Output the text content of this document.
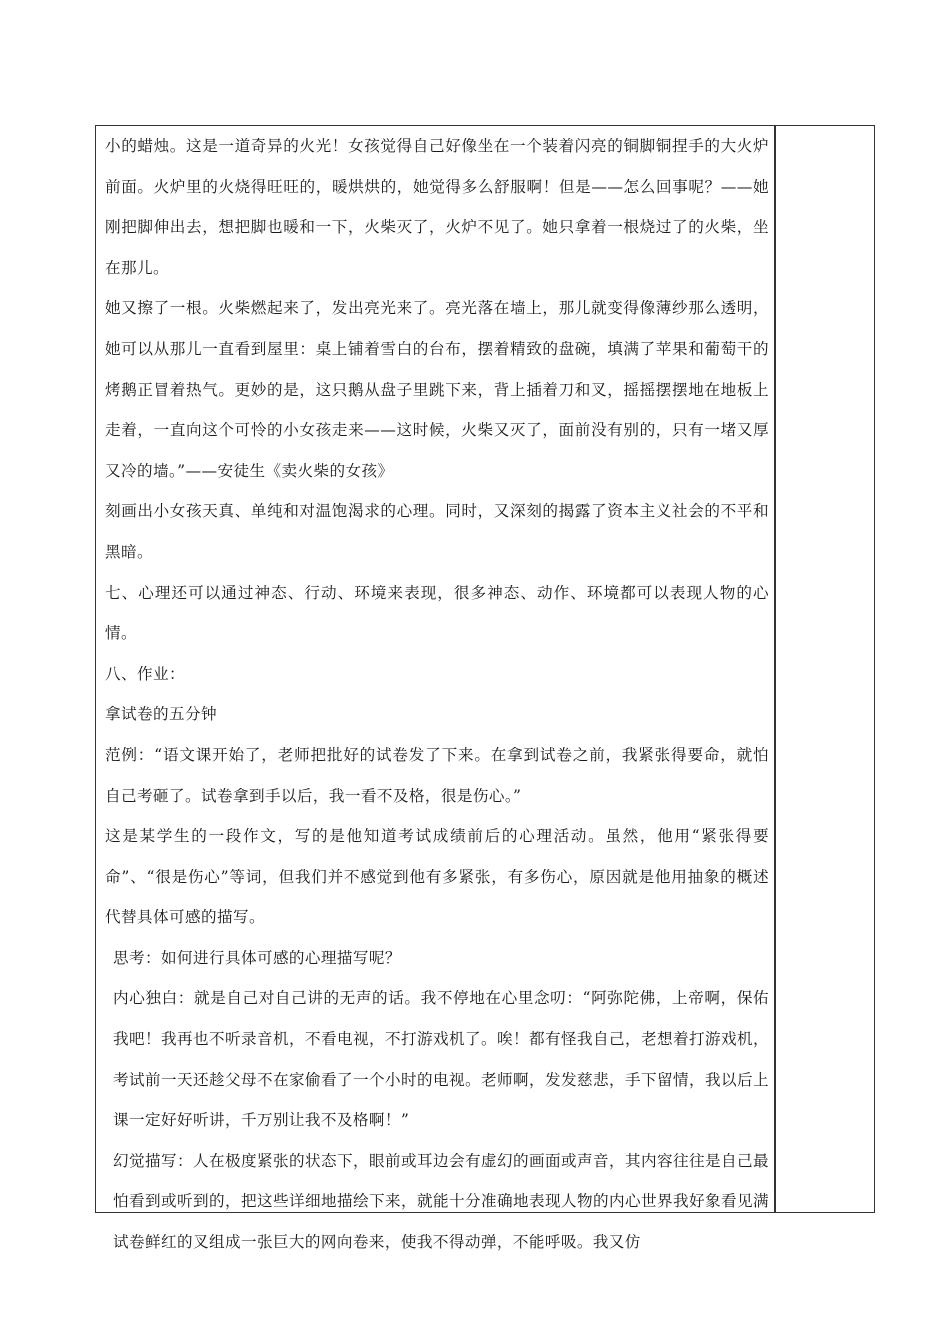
小的蜡烛。这是一道奇异的火光！女孩觉得自己好像坐在一个装着闪亮的铜脚铜捏手的大火炉前面。火炉里的火烧得旺旺的，暖烘烘的，她觉得多么舒服啊！但是——怎么回事呢？——她刚把脚伸出去，想把脚也暖和一下，火柴灭了，火炉不见了。她只拿着一根烧过了的火柴，坐在那儿。

她又擦了一根。火柴燃起来了，发出亮光来了。亮光落在墙上，那儿就变得像薄纱那么透明，她可以从那儿一直看到屋里：桌上铺着雪白的台布，摆着精致的盘碗，填满了苹果和葡萄干的烤鹅正冒着热气。更妙的是，这只鹅从盘子里跳下来，背上插着刀和叉，摇摇摆摆地在地板上走着，一直向这个可怜的小女孩走来——这时候，火柴又灭了，面前没有别的，只有一堵又厚又冷的墙。”——安徒生《卖火柴的女孩》

刻画出小女孩天真、单纯和对温饱渴求的心理。同时，又深刻的揭露了资本主义社会的不平和黑暗。

七、心理还可以通过神态、行动、环境来表现，很多神态、动作、环境都可以表现人物的心情。

八、作业：

拿试卷的五分钟

范例：“语文课开始了，老师把批好的试卷发了下来。在拿到试卷之前，我紧张得要命，就怕自己考砸了。试卷拿到手以后，我一看不及格，很是伤心。”

这是某学生的一段作文，写的是他知道考试成绩前后的心理活动。虽然，他用“紧张得要命”、“很是伤心”等词，但我们并不感觉到他有多紧张，有多伤心，原因就是他用抽象的概述代替具体可感的描写。

思考：如何进行具体可感的心理描写呢？

内心独白：就是自己对自己讲的无声的话。我不停地在心里念叨：“阿弥陀佛，上帝啊，保佑我吧！我再也不听录音机，不看电视，不打游戏机了。唉！都有怪我自己，老想着打游戏机，考试前一天还趁父母不在家偷看了一个小时的电视。老师啊，发发慈悲，手下留情，我以后上课一定好好听讲，千万别让我不及格啊！”

幻觉描写：人在极度紧张的状态下，眼前或耳边会有虚幻的画面或声音，其内容往往是自己最怕看到或听到的，把这些详细地描绘下来，就能十分准确地表现人物的内心世界我好象看见满试卷鲜红的叉组成一张巨大的网向卷来，使我不得动弹，不能呼吸。我又仿
